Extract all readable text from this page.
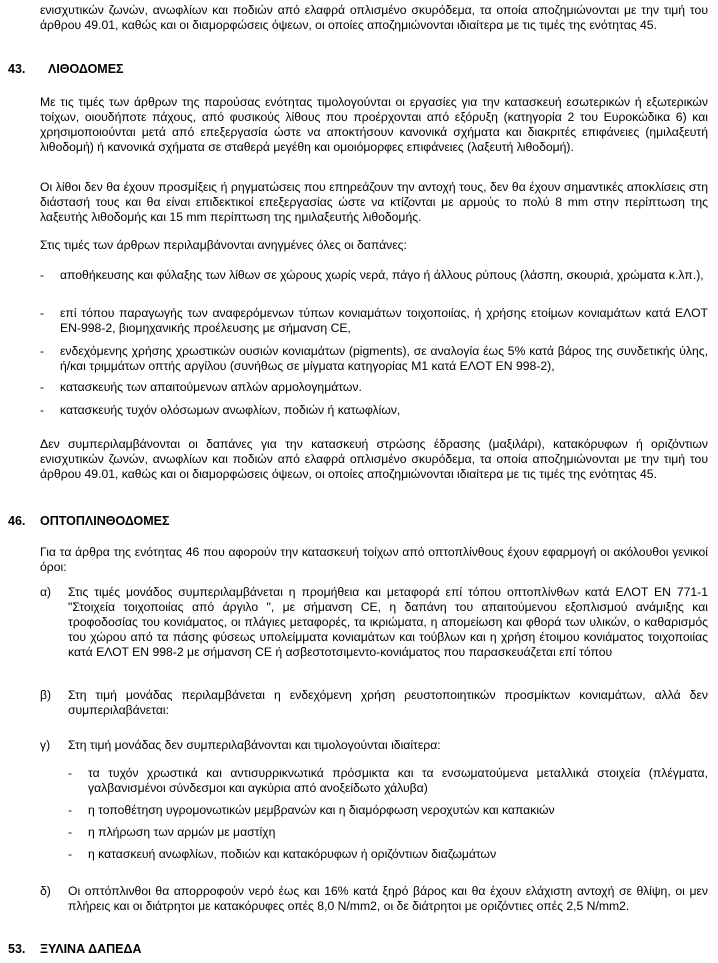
ενισχυτικών ζωνών, ανωφλίων και ποδιών από ελαφρά οπλισμένο σκυρόδεμα, τα οποία αποζημιώνονται με την τιμή του άρθρου 49.01, καθώς και οι διαμορφώσεις όψεων, οι οποίες αποζημιώνονται ιδιαίτερα με τις τιμές της ενότητας 45.

43. ΛΙΘΟΔΟΜΕΣ

Με τις τιμές των άρθρων της παρούσας ενότητας τιμολογούνται οι εργασίες για την κατασκευή εσωτερικών ή εξωτερικών τοίχων, οιουδήποτε πάχους, από φυσικούς λίθους που προέρχονται από εξόρυξη (κατηγορία 2 του Ευροκώδικα 6) και χρησιμοποιούνται μετά από επεξεργασία ώστε να αποκτήσουν κανονικά σχήματα και διακριτές επιφάνειες (ημιλαξευτή λιθοδομή) ή κανονικά σχήματα σε σταθερά μεγέθη και ομοιόμορφες επιφάνειες (λαξευτή λιθοδομή).

Οι λίθοι δεν θα έχουν προσμίξεις ή ρηγματώσεις που επηρεάζουν την αντοχή τους, δεν θα έχουν σημαντικές αποκλίσεις στη διάστασή τους και θα είναι επιδεκτικοί επεξεργασίας ώστε να κτίζονται με αρμούς το πολύ 8 mm στην περίπτωση της λαξευτής λιθοδομής και 15 mm περίπτωση της ημιλαξευτής λιθοδομής.

Στις τιμές των άρθρων περιλαμβάνονται ανηγμένες όλες οι δαπάνες:

- αποθήκευσης και φύλαξης των λίθων σε χώρους χωρίς νερά, πάγο ή άλλους ρύπους (λάσπη, σκουριά, χρώματα κ.λπ.),

- επί τόπου παραγωγής των αναφερόμενων τύπων κονιαμάτων τοιχοποιίας, ή χρήσης ετοίμων κονιαμάτων κατά ΕΛΟΤ ΕΝ-998-2, βιομηχανικής προέλευσης με σήμανση CE,

- ενδεχόμενης χρήσης χρωστικών ουσιών κονιαμάτων (pigments), σε αναλογία έως 5% κατά βάρος της συνδετικής ύλης, ή/και τριμμάτων οπτής αργίλου (συνήθως σε μίγματα κατηγορίας Μ1 κατά ΕΛΟΤ ΕΝ 998-2),

- κατασκευής των απαιτούμενων απλών αρμολογημάτων.

- κατασκευής τυχόν ολόσωμων ανωφλίων, ποδιών ή κατωφλίων,

Δεν συμπεριλαμβάνονται οι δαπάνες για την κατασκευή στρώσης έδρασης (μαξιλάρι), κατακόρυφων ή οριζόντιων ενισχυτικών ζωνών, ανωφλίων και ποδιών από ελαφρά οπλισμένο σκυρόδεμα, τα οποία αποζημιώνονται με την τιμή του άρθρου 49.01, καθώς και οι διαμορφώσεις όψεων, οι οποίες αποζημιώνονται ιδιαίτερα με τις τιμές της ενότητας 45.

46. ΟΠΤΟΠΛΙΝΘΟΔΟΜΕΣ

Για τα άρθρα της ενότητας 46 που αφορούν την κατασκευή τοίχων από οπτοπλίνθους έχουν εφαρμογή οι ακόλουθοι γενικοί όροι:

α) Στις τιμές μονάδος συμπεριλαμβάνεται η προμήθεια και μεταφορά επί τόπου οπτοπλίνθων κατά ΕΛΟΤ ΕΝ 771-1 "Στοιχεία τοιχοποιίας από άργιλο ", με σήμανση CE, η δαπάνη του απαιτούμενου εξοπλισμού ανάμιξης και τροφοδοσίας του κονιάματος, οι πλάγιες μεταφορές, τα ικριώματα, η απομείωση και φθορά των υλικών, ο καθαρισμός του χώρου από τα πάσης φύσεως υπολείμματα κονιαμάτων και τούβλων και η χρήση έτοιμου κονιάματος τοιχοποιίας κατά ΕΛΟΤ ΕΝ 998-2 με σήμανση CE ή ασβεστοτσιμεντο-κονιάματος που παρασκευάζεται επί τόπου

β) Στη τιμή μονάδας περιλαμβάνεται η ενδεχόμενη χρήση ρευστοποιητικών προσμίκτων κονιαμάτων, αλλά δεν συμπεριλαβάνεται:

γ) Στη τιμή μονάδας δεν συμπεριλαβάνονται και τιμολογούνται ιδιαίτερα:

- τα τυχόν χρωστικά και αντισυρρικνωτικά πρόσμικτα και τα ενσωματούμενα μεταλλικά στοιχεία (πλέγματα, γαλβανισμένοι σύνδεσμοι και αγκύρια από ανοξείδωτο χάλυβα)

- η τοποθέτηση υγρομονωτικών μεμβρανών και η διαμόρφωση νεροχυτών και καπακιών

- η πλήρωση των αρμών με μαστίχη

- η κατασκευή ανωφλίων, ποδιών και κατακόρυφων ή οριζόντιων διαζωμάτων

δ) Οι οπτόπλινθοι θα απορροφούν νερό έως και 16% κατά ξηρό βάρος και θα έχουν ελάχιστη αντοχή σε θλίψη, οι μεν πλήρεις και οι διάτρητοι με κατακόρυφες οπές 8,0 N/mm2, οι δε διάτρητοι με οριζόντιες οπές 2,5 N/mm2.

53. ΞΥΛΙΝΑ ΔΑΠΕΔΑ
